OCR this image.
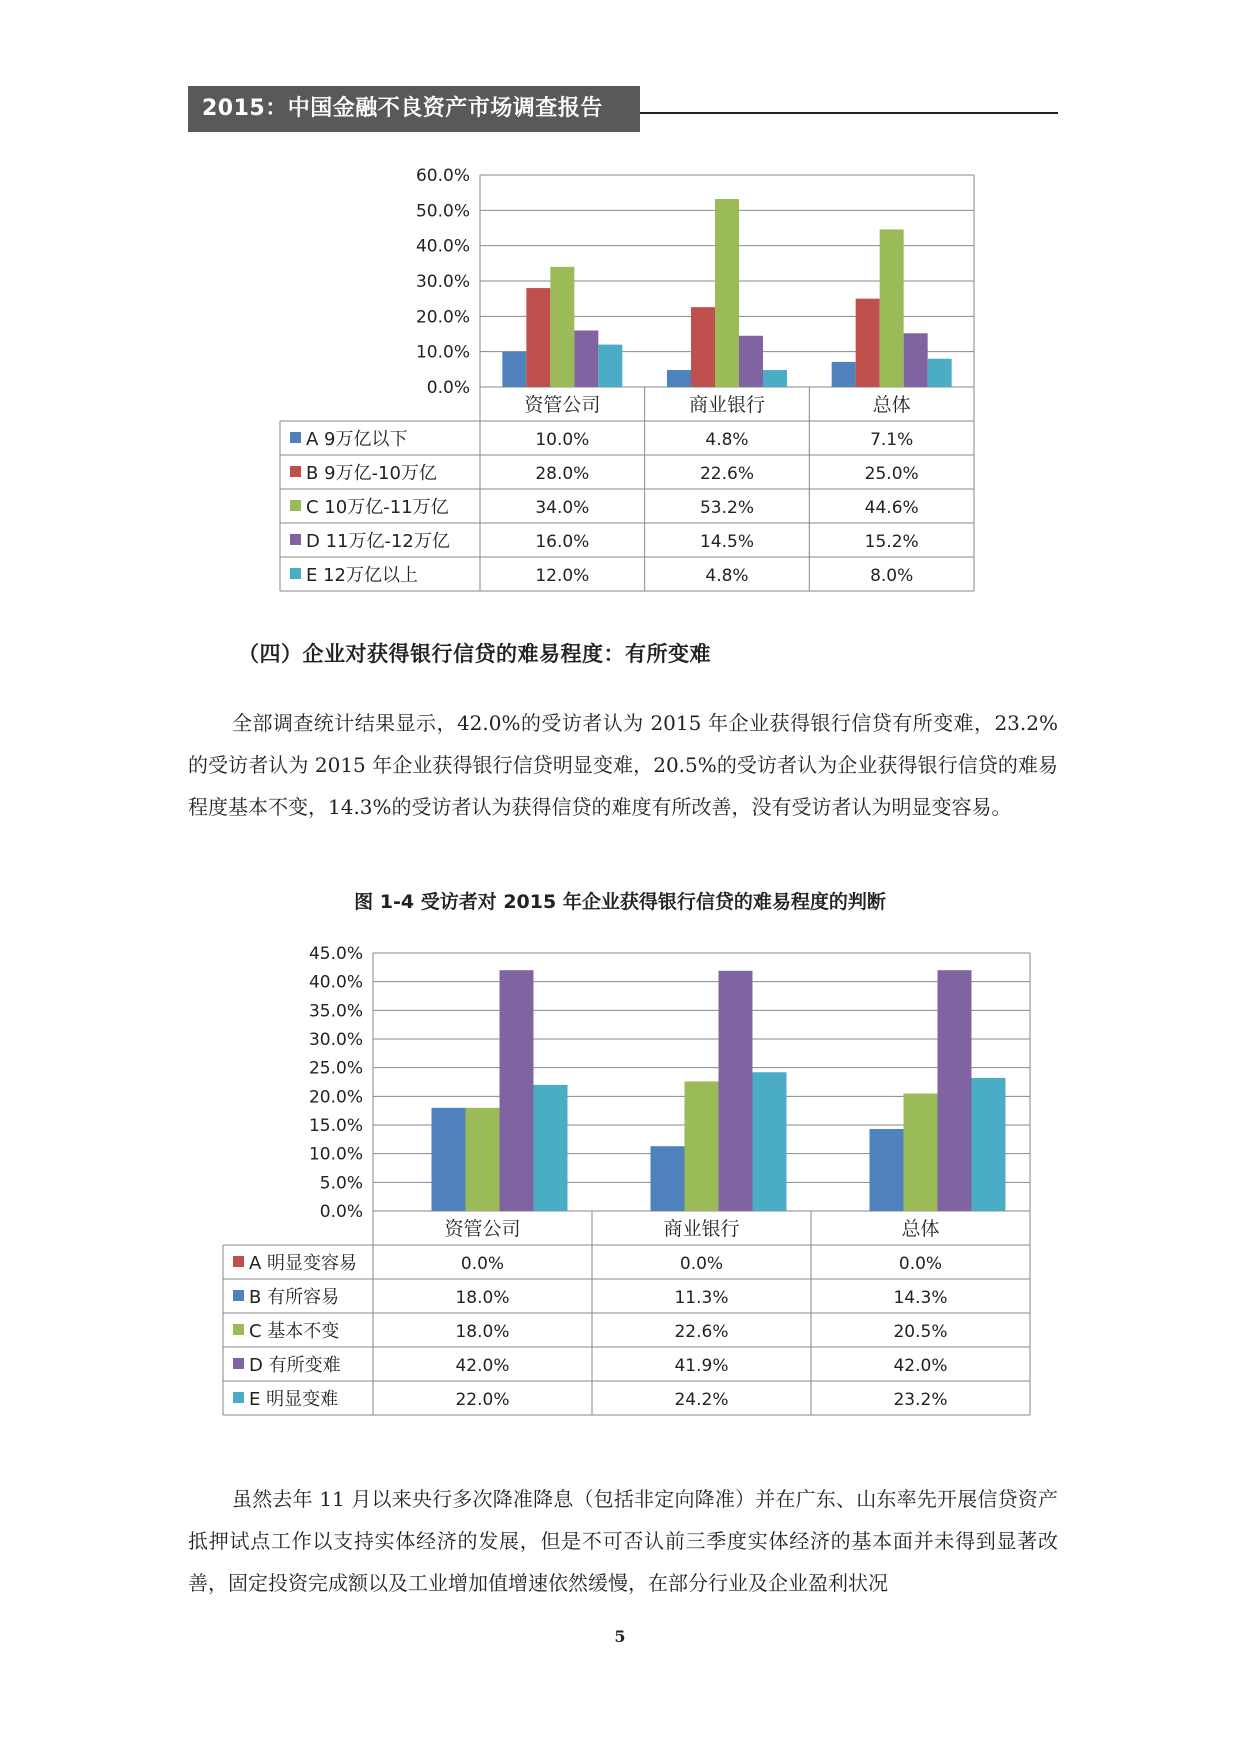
2015：中国金融不良资产市场调查报告
0.0%
10.0%
20.0%
30.0%
40.0%
50.0%
60.0%
资管公司	商业银行	总体
A 9万亿以下	10.0%	4.8%	7.1%
B 9万亿-10万亿	28.0%	22.6%	25.0%
C 10万亿-11万亿	34.0%	53.2%	44.6%
D 11万亿-12万亿	16.0%	14.5%	15.2%
E 12万亿以上	12.0%	4.8%	8.0%
（四）企业对获得银行信贷的难易程度：有所变难

全部调查统计结果显示，42.0%的受访者认为 2015 年企业获得银行信贷有所变难，23.2%的受访者认为 2015 年企业获得银行信贷明显变难，20.5%的受访者认为企业获得银行信贷的难易程度基本不变，14.3%的受访者认为获得信贷的难度有所改善，没有受访者认为明显变容易。

图 1-4 受访者对 2015 年企业获得银行信贷的难易程度的判断
0.0%
5.0%
10.0%
15.0%
20.0%
25.0%
30.0%
35.0%
40.0%
45.0%
资管公司	商业银行	总体
A 明显变容易	0.0%	0.0%	0.0%
B 有所容易	18.0%	11.3%	14.3%
C 基本不变	18.0%	22.6%	20.5%
D 有所变难	42.0%	41.9%	42.0%
E 明显变难	22.0%	24.2%	23.2%

虽然去年 11 月以来央行多次降准降息（包括非定向降准）并在广东、山东率先开展信贷资产抵押试点工作以支持实体经济的发展，但是不可否认前三季度实体经济的基本面并未得到显著改善，固定投资完成额以及工业增加值增速依然缓慢，在部分行业及企业盈利状况

5
